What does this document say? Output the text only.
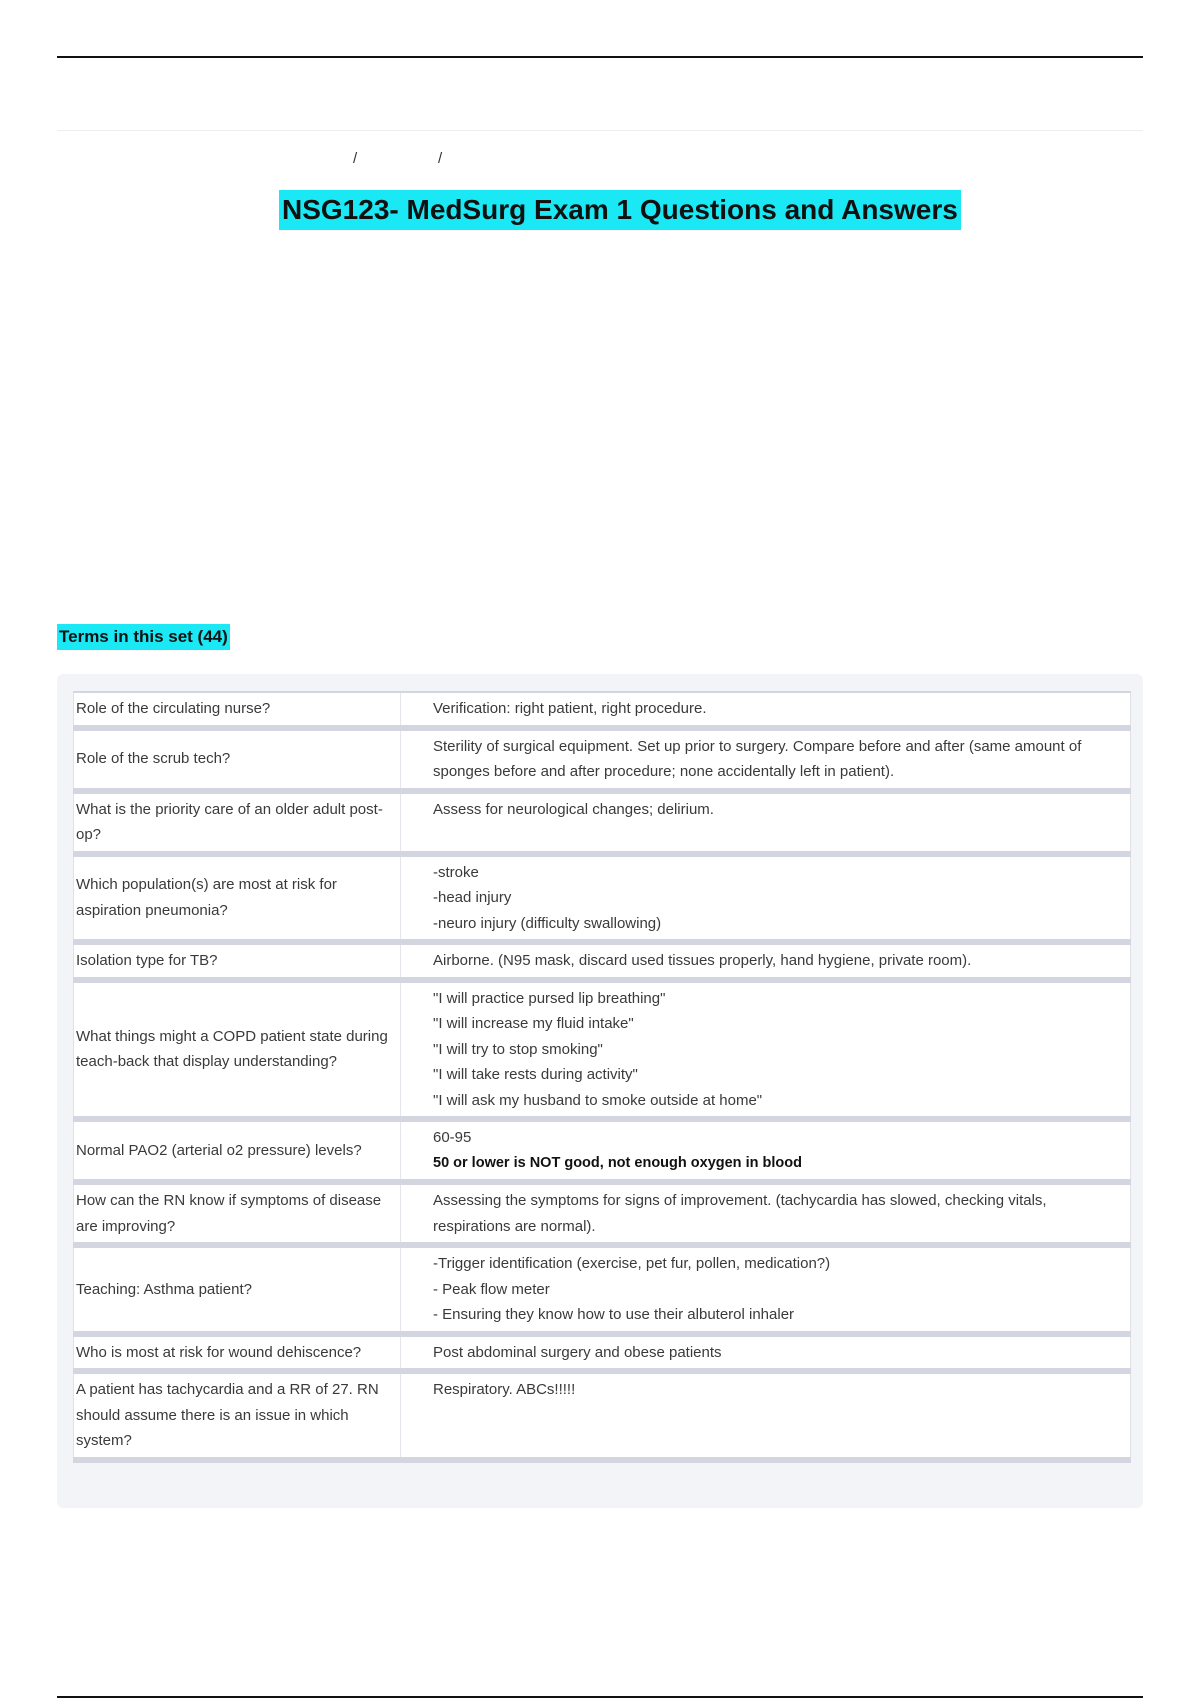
/	/
NSG123- MedSurg Exam 1 Questions and Answers
Terms in this set (44)
Role of the circulating nurse?	Verification: right patient, right procedure.

Role of the scrub tech?	Sterility of surgical equipment. Set up prior to surgery. Compare before and after (same amount of sponges before and after procedure; none accidentally left in patient).

What is the priority care of an older adult post-op?	Assess for neurological changes; delirium.

Which population(s) are most at risk for aspiration pneumonia?	-stroke
-head injury
-neuro injury (difficulty swallowing)

Isolation type for TB?	Airborne. (N95 mask, discard used tissues properly, hand hygiene, private room).

What things might a COPD patient state during teach-back that display understanding?	"I will practice pursed lip breathing"
"I will increase my fluid intake"
"I will try to stop smoking"
"I will take rests during activity"
"I will ask my husband to smoke outside at home"

Normal PAO2 (arterial o2 pressure) levels?	60-95
50 or lower is NOT good, not enough oxygen in blood

How can the RN know if symptoms of disease are improving?	Assessing the symptoms for signs of improvement. (tachycardia has slowed, checking vitals, respirations are normal).

Teaching: Asthma patient?	-Trigger identification (exercise, pet fur, pollen, medication?)
- Peak flow meter
- Ensuring they know how to use their albuterol inhaler

Who is most at risk for wound dehiscence?	Post abdominal surgery and obese patients

A patient has tachycardia and a RR of 27. RN should assume there is an issue in which system?	Respiratory. ABCs!!!!!
